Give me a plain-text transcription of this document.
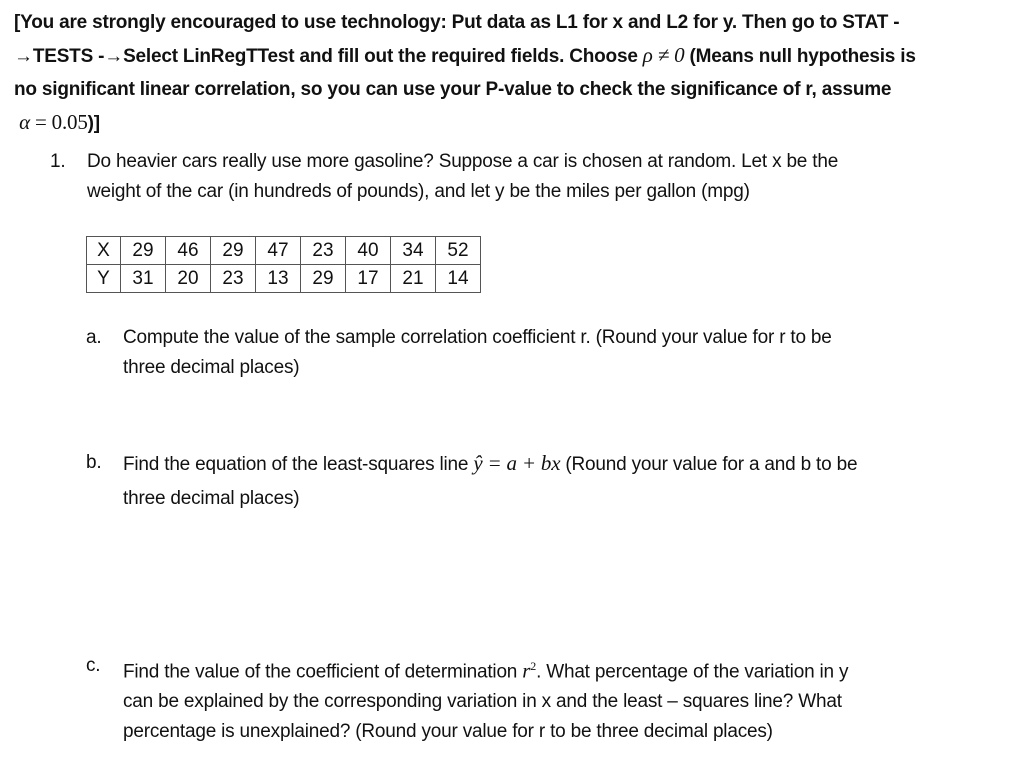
[You are strongly encouraged to use technology: Put data as L1 for x and L2 for y. Then go to STAT -
→TESTS -→Select LinRegTTest and fill out the required fields. Choose ρ ≠ 0 (Means null hypothesis is
no significant linear correlation, so you can use your P-value to check the significance of r, assume
α = 0.05)]
1. Do heavier cars really use more gasoline? Suppose a car is chosen at random. Let x be the
weight of the car (in hundreds of pounds), and let y be the miles per gallon (mpg)
X	29	46	29	47	23	40	34	52
Y	31	20	23	13	29	17	21	14
a. Compute the value of the sample correlation coefficient r. (Round your value for r to be
three decimal places)
b. Find the equation of the least-squares line ŷ = a + bx (Round your value for a and b to be
three decimal places)
c. Find the value of the coefficient of determination $r^2$. What percentage of the variation in y
can be explained by the corresponding variation in x and the least – squares line? What
percentage is unexplained? (Round your value for r to be three decimal places)
